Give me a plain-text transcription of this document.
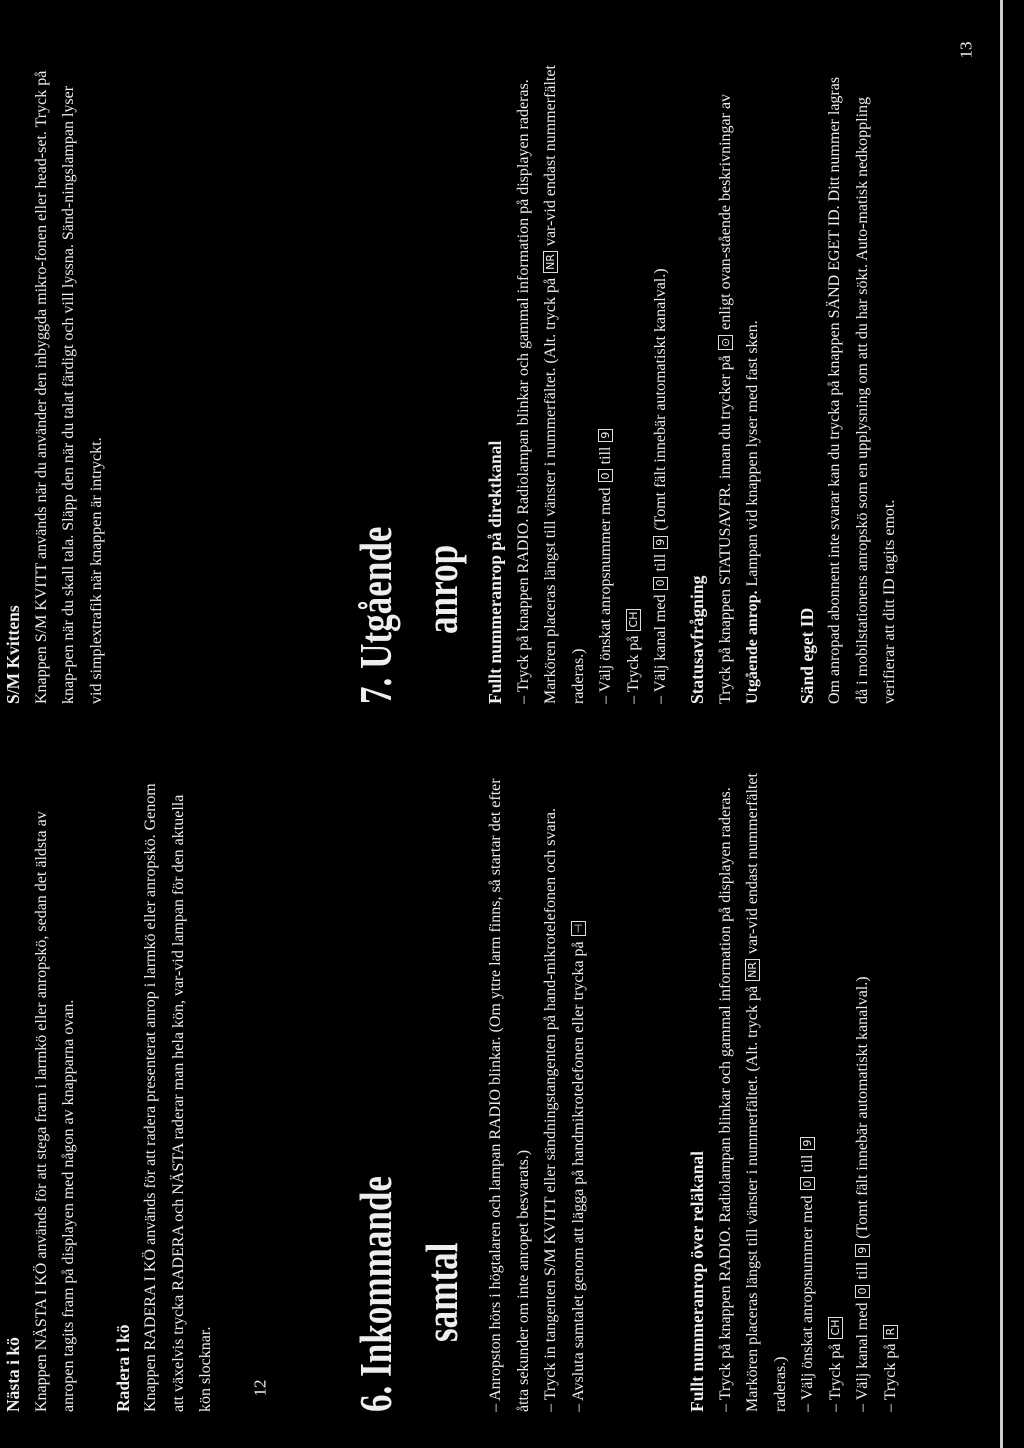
Nästa i kö Knappen NÄSTA I KÖ används för att stega fram i larmkö eller anropskö, sedan det äldsta av anropen tagits fram på displayen med någon av knapparna ovan.	Radera i kö Knappen RADERA I KÖ används för att radera presenterat anrop i larmkö eller anropskö. Genom att växelvis trycka RADERA och NÄSTA raderar man hela kön, var-vid lampan för den aktuella kön slocknar.

S/M Kvittens Knappen S/M KVITT används när du använder den inbyggda mikro-fonen eller head-set. Tryck på knap-pen när du skall tala. Släpp den när du talat färdigt och vill lyssna. Sänd-ningslampan lyser vid simplextrafik när knappen är intryckt.

6. Inkommande samtal	– Anropston hörs i högtalaren och lampan RADIO blinkar. (Om yttre larm finns, så startar det efter åtta sekunder om inte anropet besvarats.) – Tryck in tangenten S/M KVITT eller sändningstangenten på hand-mikrotelefonen och svara. – Avsluta samtalet genom att lägga på handmikrotelefonen eller trycka på ⊣

7. Utgående anrop Fullt nummeranrop på direktkanal – Tryck på knappen RADIO. Radiolampan blinkar och gammal information på displayen raderas. Markören placeras längst till vänster i nummerfältet. (Alt. tryck på NR var-vid endast nummerfältet raderas.) – Välj önskat anropsnummer med 0 till 9

– Tryck på CH – Välj kanal med 0 till 9 (Tomt fält innebär automatiskt kanalval.)

Fullt nummeranrop över reläkanal – Tryck på knappen RADIO. Radiolampan blinkar och gammal information på displayen raderas. Markören placeras längst till vänster i nummerfältet. (Alt. tryck på NR var-vid endast nummerfältet raderas.) – Välj önskat anropsnummer med 0 till 9

– Tryck på CH – Välj kanal med 0 till 9 (Tomt fält innebär automatiskt kanalval.)

– Tryck på R

Statusavfrågning Tryck på knappen STATUSAVFR. innan du trycker på ⊙ enligt ovan-stående beskrivningar av Utgående anrop. Lampan vid knappen lyser med fast sken.

Sänd eget ID Om anropad abonnent inte svarar kan du trycka på knappen SÄND EGET ID. Ditt nummer lagras då i mobilstationens anropskö som en upplysning om att du har sökt. Auto-matisk nedkoppling verifierar att ditt ID tagits emot.

12
13
